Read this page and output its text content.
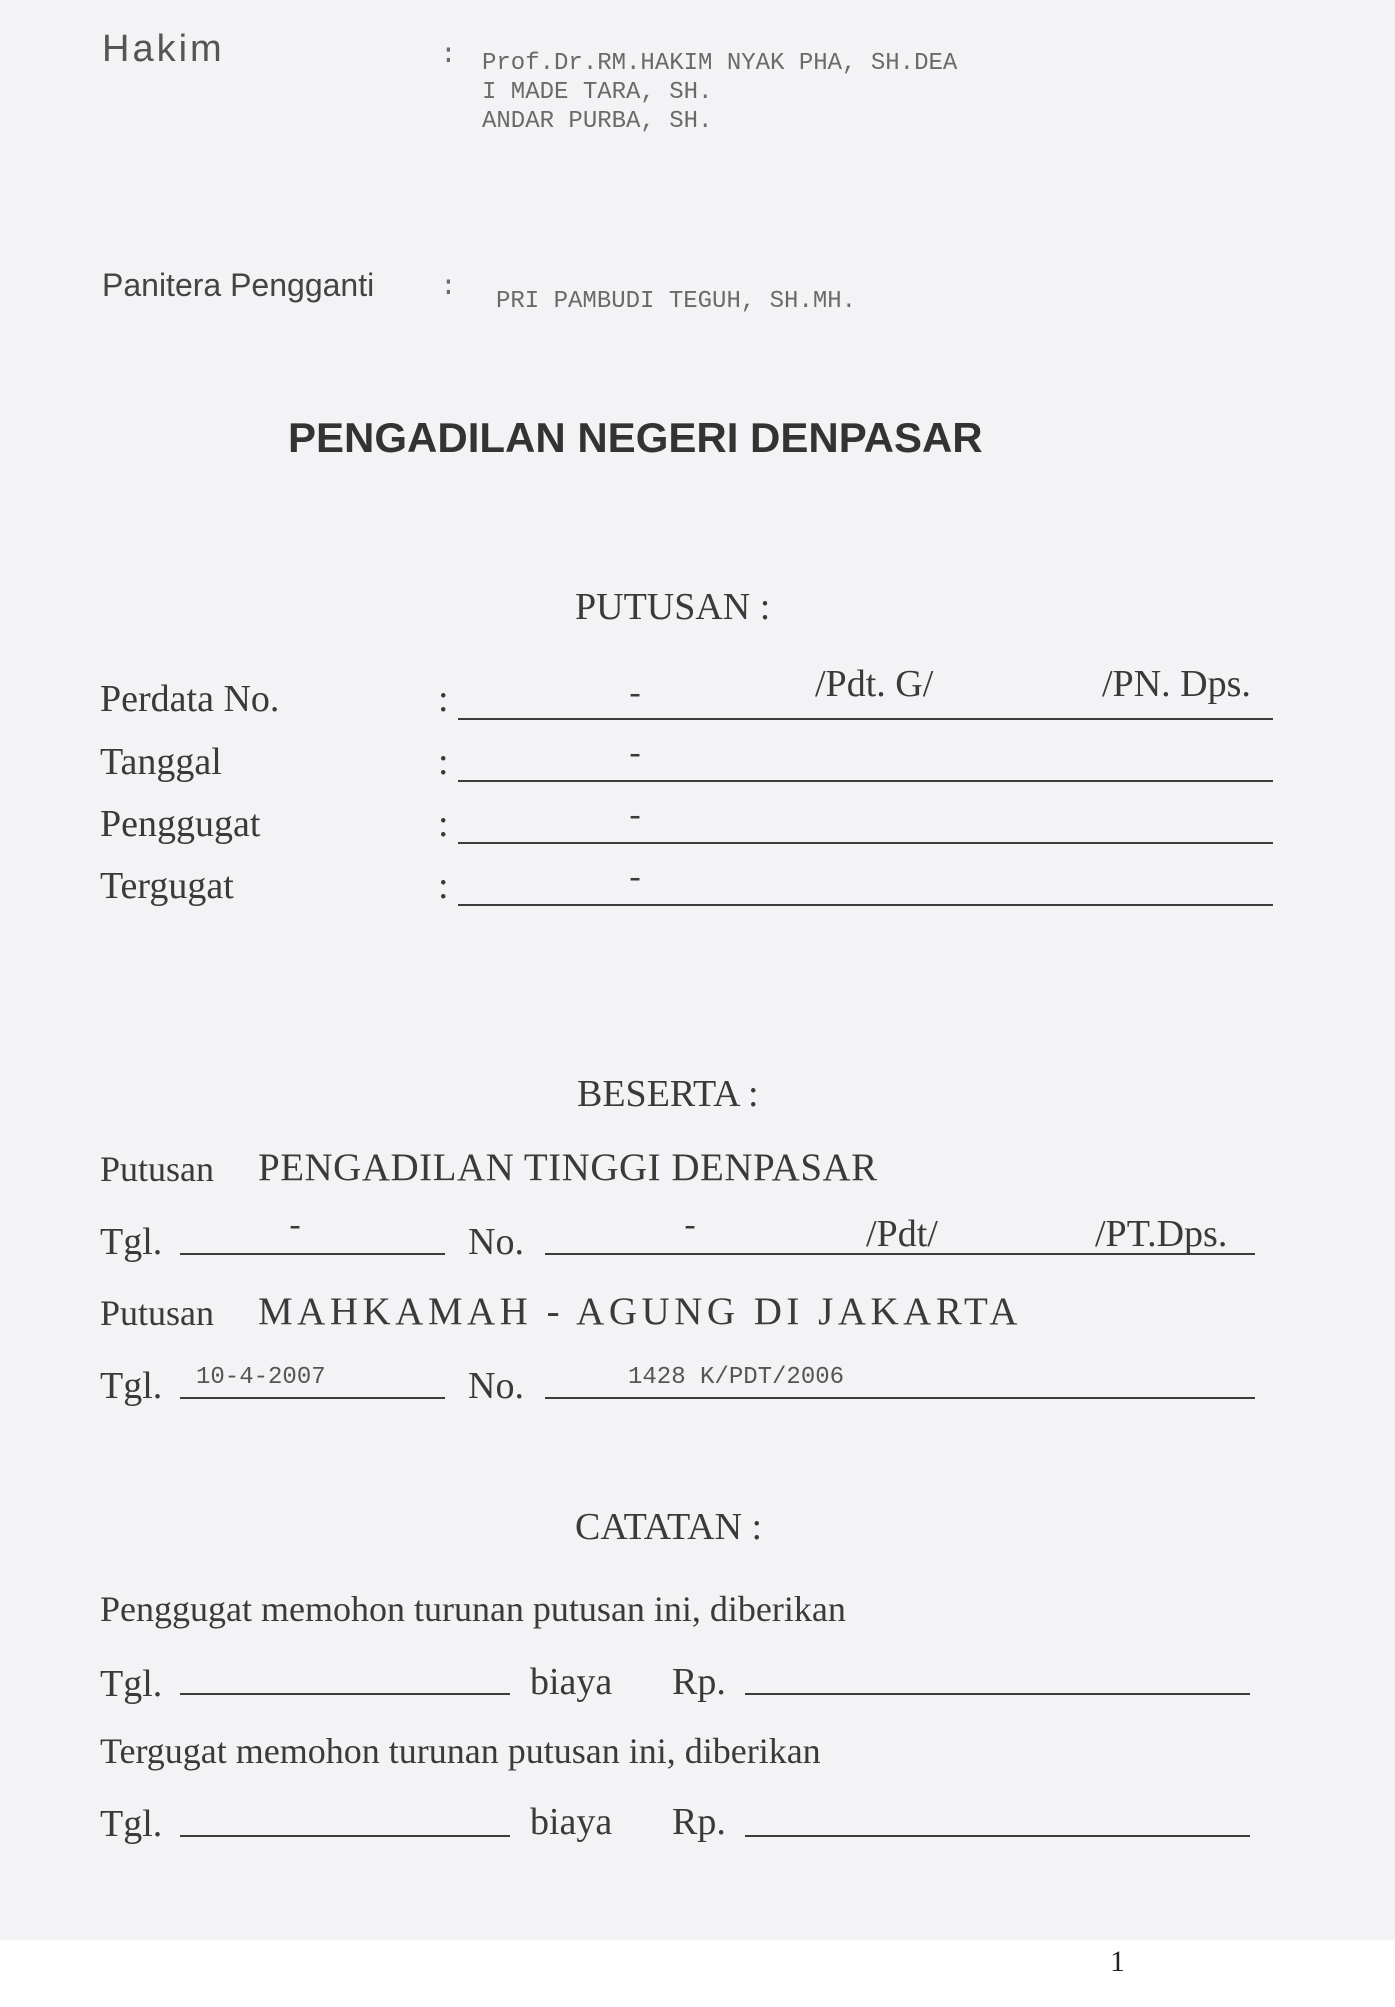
Hakim	: Prof.Dr.RM.HAKIM NYAK PHA, SH.DEA
I MADE TARA, SH.
ANDAR PURBA, SH.
Panitera Pengganti : PRI PAMBUDI TEGUH, SH.MH.
PENGADILAN NEGERI DENPASAR
PUTUSAN :
Perdata No.	:	-	/Pdt. G/	/PN. Dps.
Tanggal	:	-
Penggugat	:	-
Tergugat	:	-
BESERTA :
Putusan PENGADILAN TINGGI DENPASAR
Tgl.	-	No.	-	/Pdt/	/PT.Dps.
Putusan MAHKAMAH - AGUNG DI JAKARTA
Tgl. 10-4-2007	No.	1428 K/PDT/2006
CATATAN :
Penggugat memohon turunan putusan ini, diberikan
Tgl.	biaya Rp.
Tergugat memohon turunan putusan ini, diberikan
Tgl.	biaya Rp.
1
